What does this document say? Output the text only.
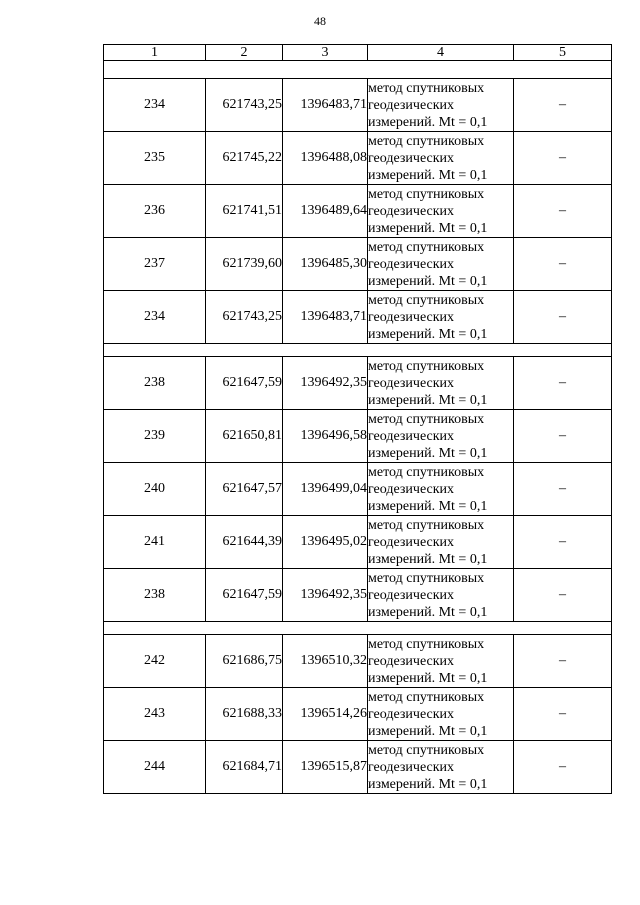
48
1	2	3	4	5

234	621743,25	1396483,71	метод спутниковых
геодезических
измерений. Mt = 0,1	–
235	621745,22	1396488,08	метод спутниковых
геодезических
измерений. Mt = 0,1	–
236	621741,51	1396489,64	метод спутниковых
геодезических
измерений. Mt = 0,1	–
237	621739,60	1396485,30	метод спутниковых
геодезических
измерений. Mt = 0,1	–
234	621743,25	1396483,71	метод спутниковых
геодезических
измерений. Mt = 0,1	–

238	621647,59	1396492,35	метод спутниковых
геодезических
измерений. Mt = 0,1	–
239	621650,81	1396496,58	метод спутниковых
геодезических
измерений. Mt = 0,1	–
240	621647,57	1396499,04	метод спутниковых
геодезических
измерений. Mt = 0,1	–
241	621644,39	1396495,02	метод спутниковых
геодезических
измерений. Mt = 0,1	–
238	621647,59	1396492,35	метод спутниковых
геодезических
измерений. Mt = 0,1	–

242	621686,75	1396510,32	метод спутниковых
геодезических
измерений. Mt = 0,1	–
243	621688,33	1396514,26	метод спутниковых
геодезических
измерений. Mt = 0,1	–
244	621684,71	1396515,87	метод спутниковых
геодезических
измерений. Mt = 0,1	–
